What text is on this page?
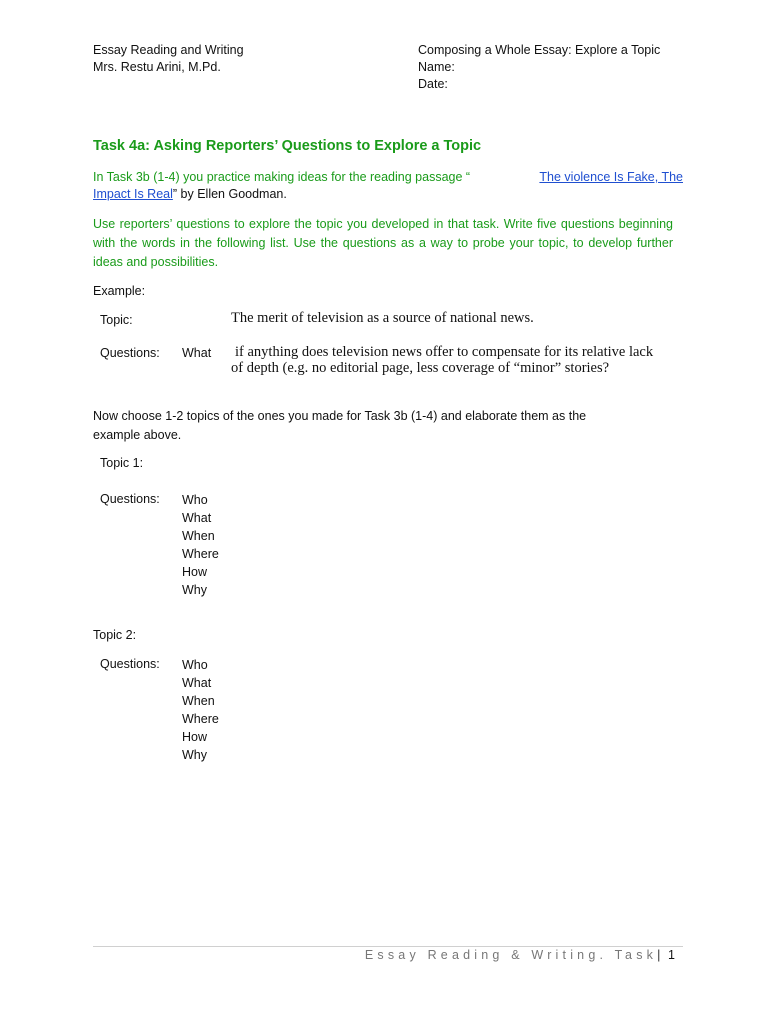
Essay Reading and Writing
Mrs. Restu Arini, M.Pd.
Composing a Whole Essay: Explore a Topic
Name:
Date:
Task 4a: Asking Reporters’ Questions to Explore a Topic
In Task 3b (1-4) you practice making ideas for the reading passage “	The violence Is Fake, The
Impact Is Real” by Ellen Goodman.
Use reporters’ questions to explore the topic you developed in that task. Write five questions beginning with the words in the following list. Use the questions as a way to probe your topic, to develop further ideas and possibilities.
Example:
Topic:	The merit of television as a source of national news.
Questions: What if anything does television news offer to compensate for its relative lack
of depth (e.g. no editorial page, less coverage of “minor” stories?
Now choose 1-2 topics of the ones you made for Task 3b (1-4) and elaborate them as the
example above.
Topic 1:
Questions: Who
What
When
Where
How
Why
Topic 2:
Questions: Who
What
When
Where
How
Why
Essay Reading & Writing. Task| 1
